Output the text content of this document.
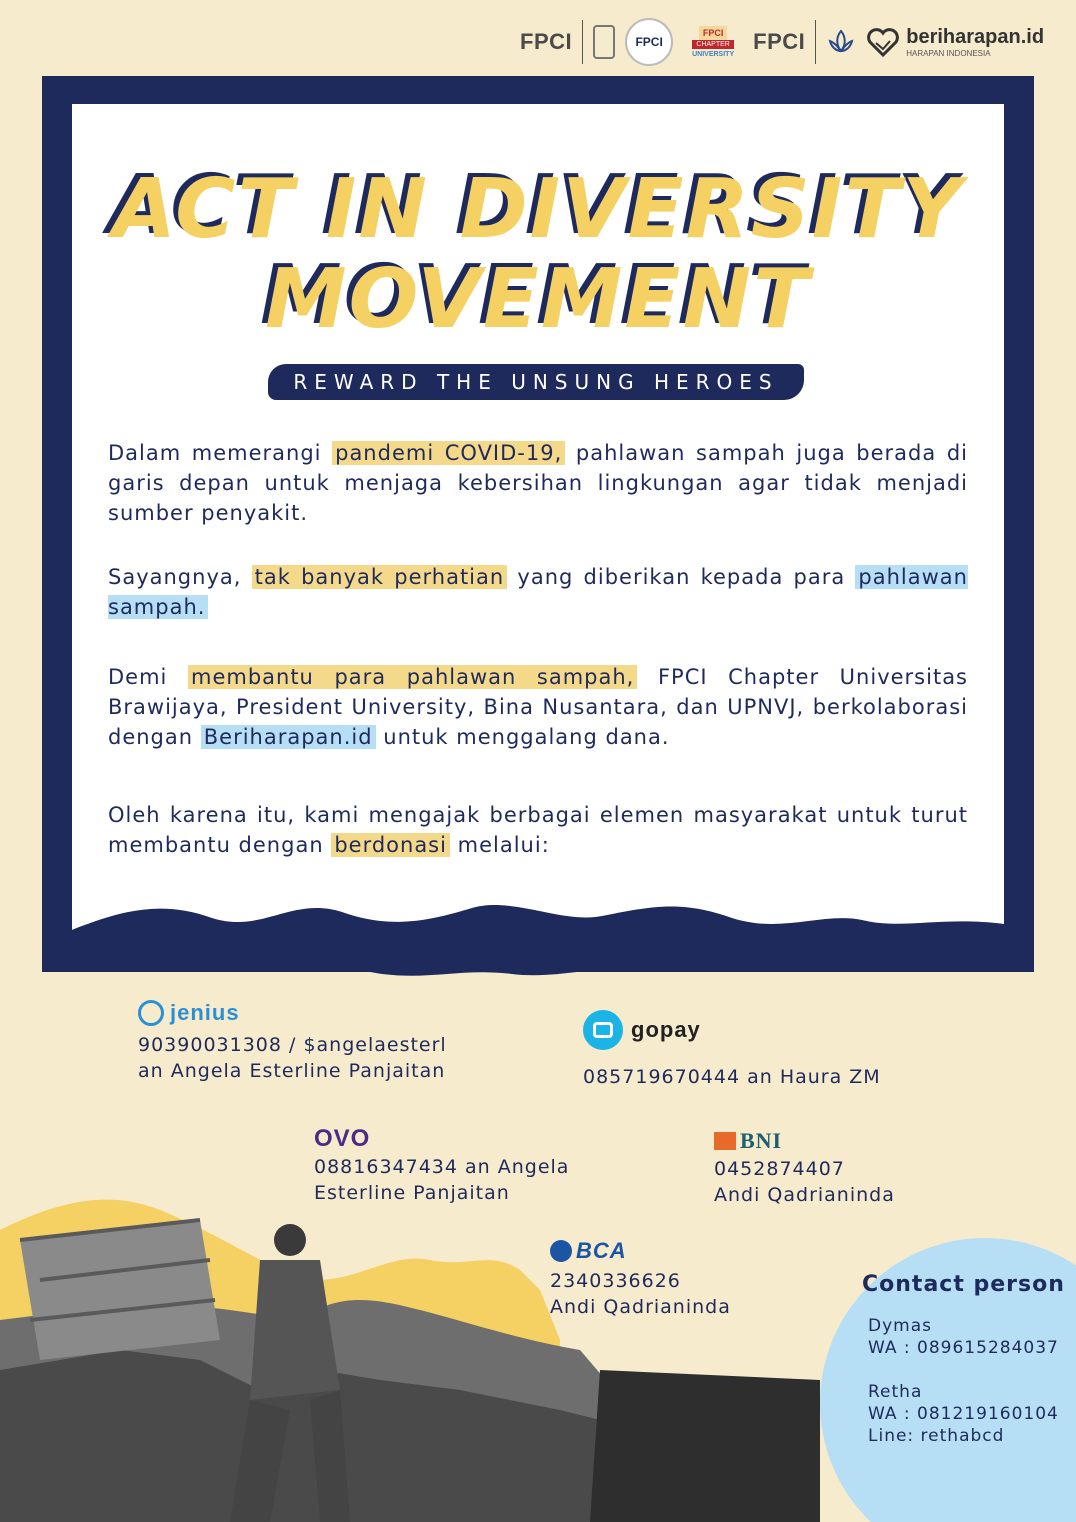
FPCI	FPCI
FPCI
CHAPTER
UNIVERSITY
FPCI	beriharapan.id
HARAPAN INDONESIA
ACT IN DIVERSITY
MOVEMENT
REWARD THE UNSUNG HEROES
Dalam memerangi pandemi COVID-19, pahlawan sampah juga berada di garis depan untuk menjaga kebersihan lingkungan agar tidak menjadi sumber penyakit.
Sayangnya, tak banyak perhatian yang diberikan kepada para pahlawan sampah.
Demi membantu para pahlawan sampah, FPCI Chapter Universitas Brawijaya, President University, Bina Nusantara, dan UPNVJ, berkolaborasi dengan Beriharapan.id untuk menggalang dana.
Oleh karena itu, kami mengajak berbagai elemen masyarakat untuk turut membantu dengan berdonasi melalui:
jenius
90390031308 / $angelaesterl
an Angela Esterline Panjaitan
gopay
085719670444 an Haura ZM
OVO
08816347434 an Angela
Esterline Panjaitan
BNI
0452874407
Andi Qadrianinda
BCA
2340336626
Andi Qadrianinda
Contact person
Dymas
WA : 089615284037
Retha
WA : 081219160104
Line: rethabcd
